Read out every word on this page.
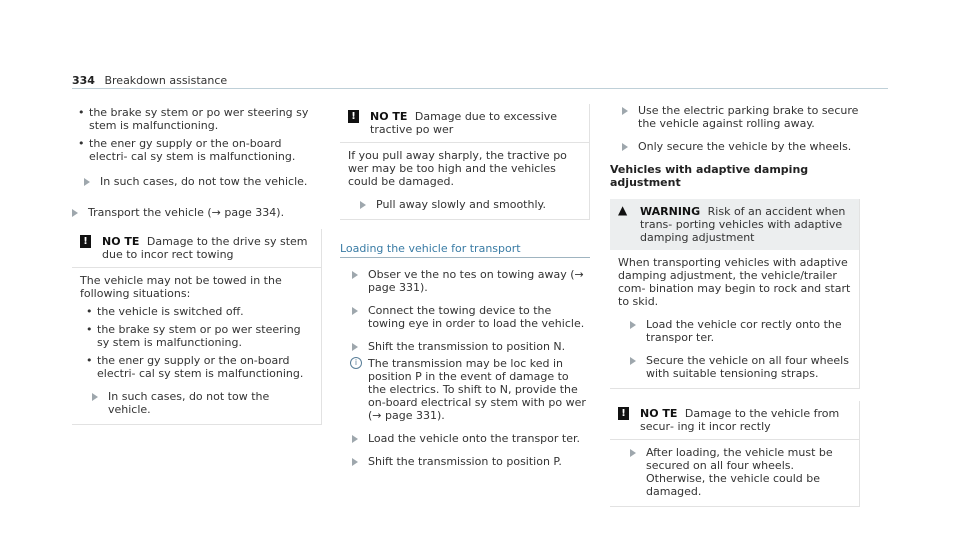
334 Breakdown assistance
• the brake sy stem or po wer steering sy stem is malfunctioning.
• the ener gy supply or the on-board electri‐ cal sy stem is malfunctioning.
In such cases, do not tow the vehicle.
Transport the vehicle (→ page 334).
! NO TE Damage to the drive sy stem due to incor rect towing
The vehicle may not be towed in the following situations:
• the vehicle is switched off.
• the brake sy stem or po wer steering sy stem is malfunctioning.
• the ener gy supply or the on-board electri‐ cal sy stem is malfunctioning.
In such cases, do not tow the vehicle.
! NO TE Damage due to excessive tractive po wer
If you pull away sharply, the tractive po wer may be too high and the vehicles could be damaged.
Pull away slowly and smoothly.
Loading the vehicle for transport
Obser ve the no tes on towing away (→ page 331).
Connect the towing device to the towing eye in order to load the vehicle.
Shift the transmission to position N.
i The transmission may be loc ked in position P in the event of damage to the electrics. To shift to N, provide the on-board electrical sy stem with po wer (→ page 331).
Load the vehicle onto the transpor ter.
Shift the transmission to position P.
Use the electric parking brake to secure the vehicle against rolling away.
Only secure the vehicle by the wheels.
Vehicles with adaptive damping adjustment
▲ WARNING Risk of an accident when trans‐ porting vehicles with adaptive damping adjustment
When transporting vehicles with adaptive damping adjustment, the vehicle/trailer com‐ bination may begin to rock and start to skid.
Load the vehicle cor rectly onto the transpor ter.
Secure the vehicle on all four wheels with suitable tensioning straps.
! NO TE Damage to the vehicle from secur‐ ing it incor rectly
After loading, the vehicle must be secured on all four wheels. Otherwise, the vehicle could be damaged.
